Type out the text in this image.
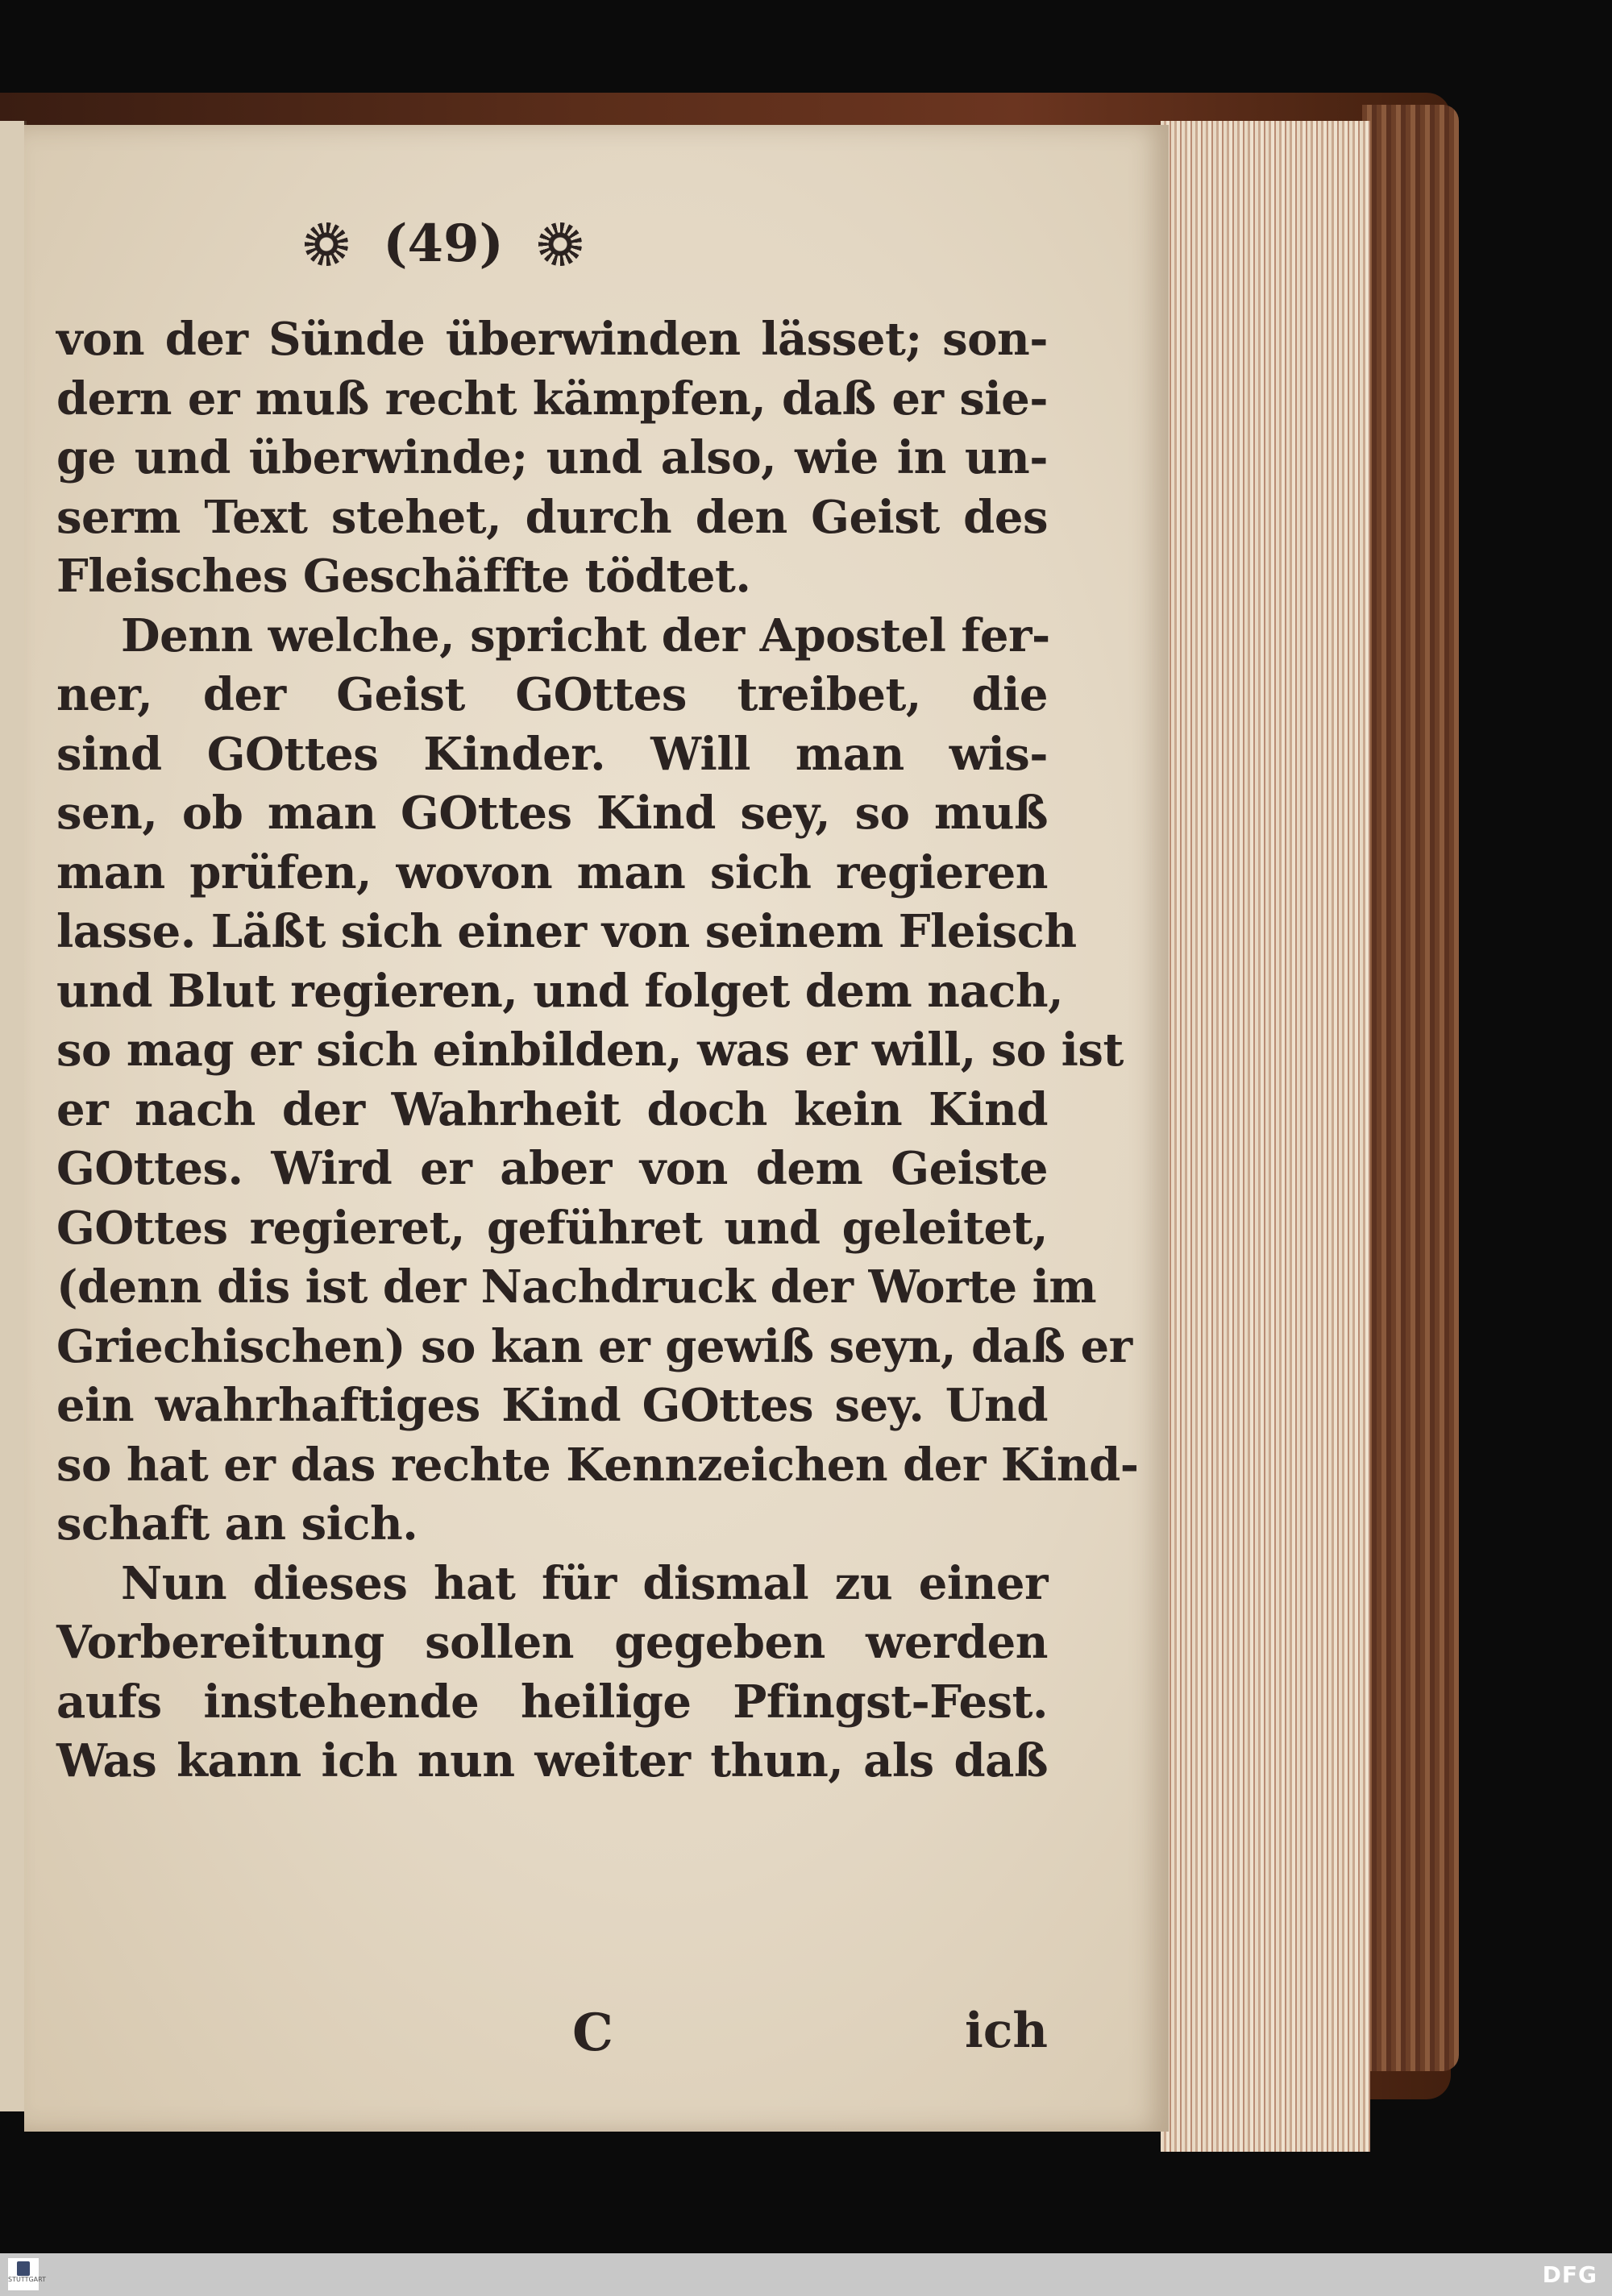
(49)
von der Sünde überwinden lässet; son-
dern er muß recht kämpfen, daß er sie-
ge und überwinde; und also, wie in un-
serm Text stehet, durch den Geist des
Fleisches Geschäffte tödtet.
Denn welche, spricht der Apostel fer-
ner, der Geist GOttes treibet, die
sind GOttes Kinder. Will man wis-
sen, ob man GOttes Kind sey, so muß
man prüfen, wovon man sich regieren
lasse. Läßt sich einer von seinem Fleisch
und Blut regieren, und folget dem nach,
so mag er sich einbilden, was er will, so ist
er nach der Wahrheit doch kein Kind
GOttes. Wird er aber von dem Geiste
GOttes regieret, geführet und geleitet,
(denn dis ist der Nachdruck der Worte im
Griechischen) so kan er gewiß seyn, daß er
ein wahrhaftiges Kind GOttes sey. Und
so hat er das rechte Kennzeichen der Kind-
schaft an sich.
Nun dieses hat für dismal zu einer
Vorbereitung sollen gegeben werden
aufs instehende heilige Pfingst-Fest.
Was kann ich nun weiter thun, als daß
C	ich
STUTTGART	DFG
